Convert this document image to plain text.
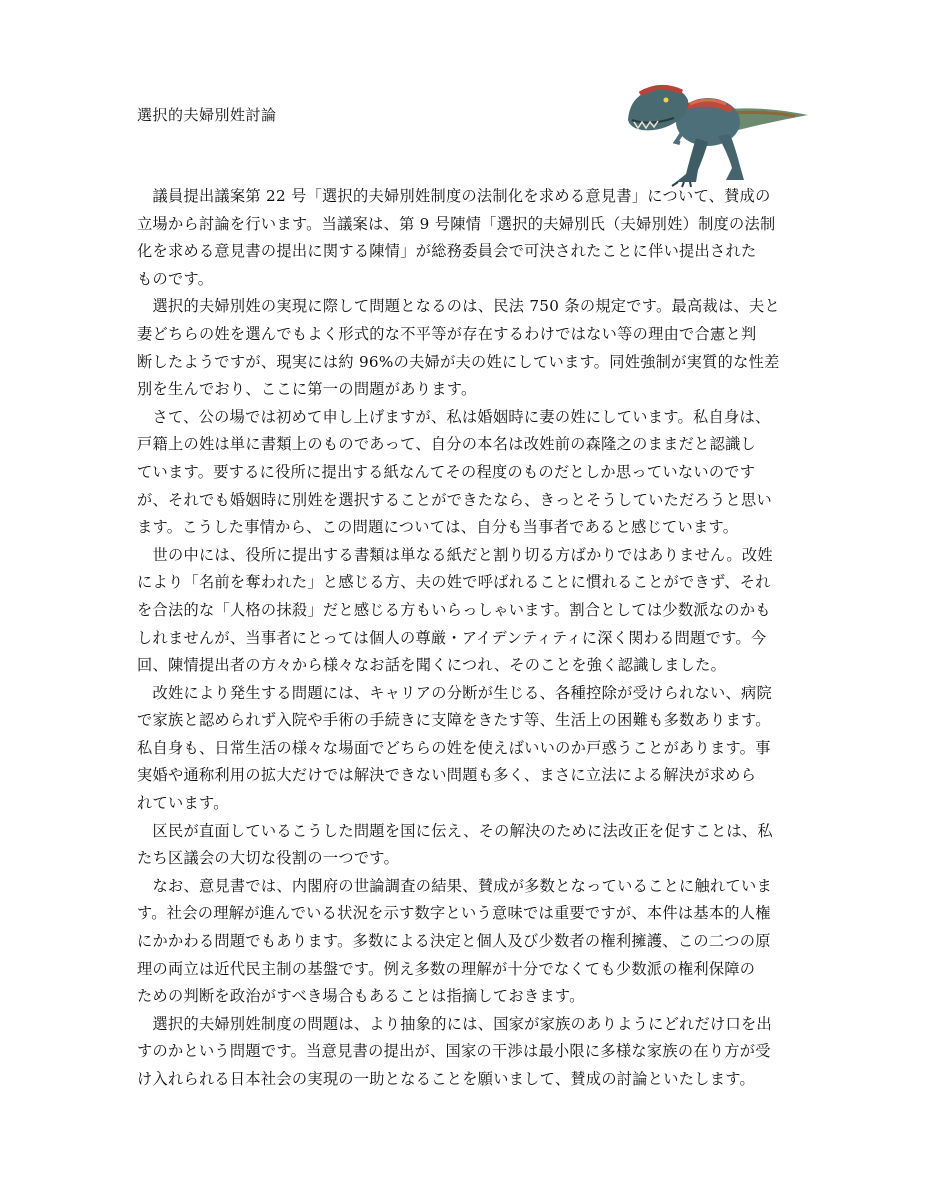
選択的夫婦別姓討論
　議員提出議案第 22 号「選択的夫婦別姓制度の法制化を求める意見書」について、賛成の
立場から討論を行います。当議案は、第 9 号陳情「選択的夫婦別氏（夫婦別姓）制度の法制
化を求める意見書の提出に関する陳情」が総務委員会で可決されたことに伴い提出された
ものです。
　選択的夫婦別姓の実現に際して問題となるのは、民法 750 条の規定です。最高裁は、夫と
妻どちらの姓を選んでもよく形式的な不平等が存在するわけではない等の理由で合憲と判
断したようですが、現実には約 96%の夫婦が夫の姓にしています。同姓強制が実質的な性差
別を生んでおり、ここに第一の問題があります。
　さて、公の場では初めて申し上げますが、私は婚姻時に妻の姓にしています。私自身は、
戸籍上の姓は単に書類上のものであって、自分の本名は改姓前の森隆之のままだと認識し
ています。要するに役所に提出する紙なんてその程度のものだとしか思っていないのです
が、それでも婚姻時に別姓を選択することができたなら、きっとそうしていただろうと思い
ます。こうした事情から、この問題については、自分も当事者であると感じています。
　世の中には、役所に提出する書類は単なる紙だと割り切る方ばかりではありません。改姓
により「名前を奪われた」と感じる方、夫の姓で呼ばれることに慣れることができず、それ
を合法的な「人格の抹殺」だと感じる方もいらっしゃいます。割合としては少数派なのかも
しれませんが、当事者にとっては個人の尊厳・アイデンティティに深く関わる問題です。今
回、陳情提出者の方々から様々なお話を聞くにつれ、そのことを強く認識しました。
　改姓により発生する問題には、キャリアの分断が生じる、各種控除が受けられない、病院
で家族と認められず入院や手術の手続きに支障をきたす等、生活上の困難も多数あります。
私自身も、日常生活の様々な場面でどちらの姓を使えばいいのか戸惑うことがあります。事
実婚や通称利用の拡大だけでは解決できない問題も多く、まさに立法による解決が求めら
れています。
　区民が直面しているこうした問題を国に伝え、その解決のために法改正を促すことは、私
たち区議会の大切な役割の一つです。
　なお、意見書では、内閣府の世論調査の結果、賛成が多数となっていることに触れていま
す。社会の理解が進んでいる状況を示す数字という意味では重要ですが、本件は基本的人権
にかかわる問題でもあります。多数による決定と個人及び少数者の権利擁護、この二つの原
理の両立は近代民主制の基盤です。例え多数の理解が十分でなくても少数派の権利保障の
ための判断を政治がすべき場合もあることは指摘しておきます。
　選択的夫婦別姓制度の問題は、より抽象的には、国家が家族のありようにどれだけ口を出
すのかという問題です。当意見書の提出が、国家の干渉は最小限に多様な家族の在り方が受
け入れられる日本社会の実現の一助となることを願いまして、賛成の討論といたします。
